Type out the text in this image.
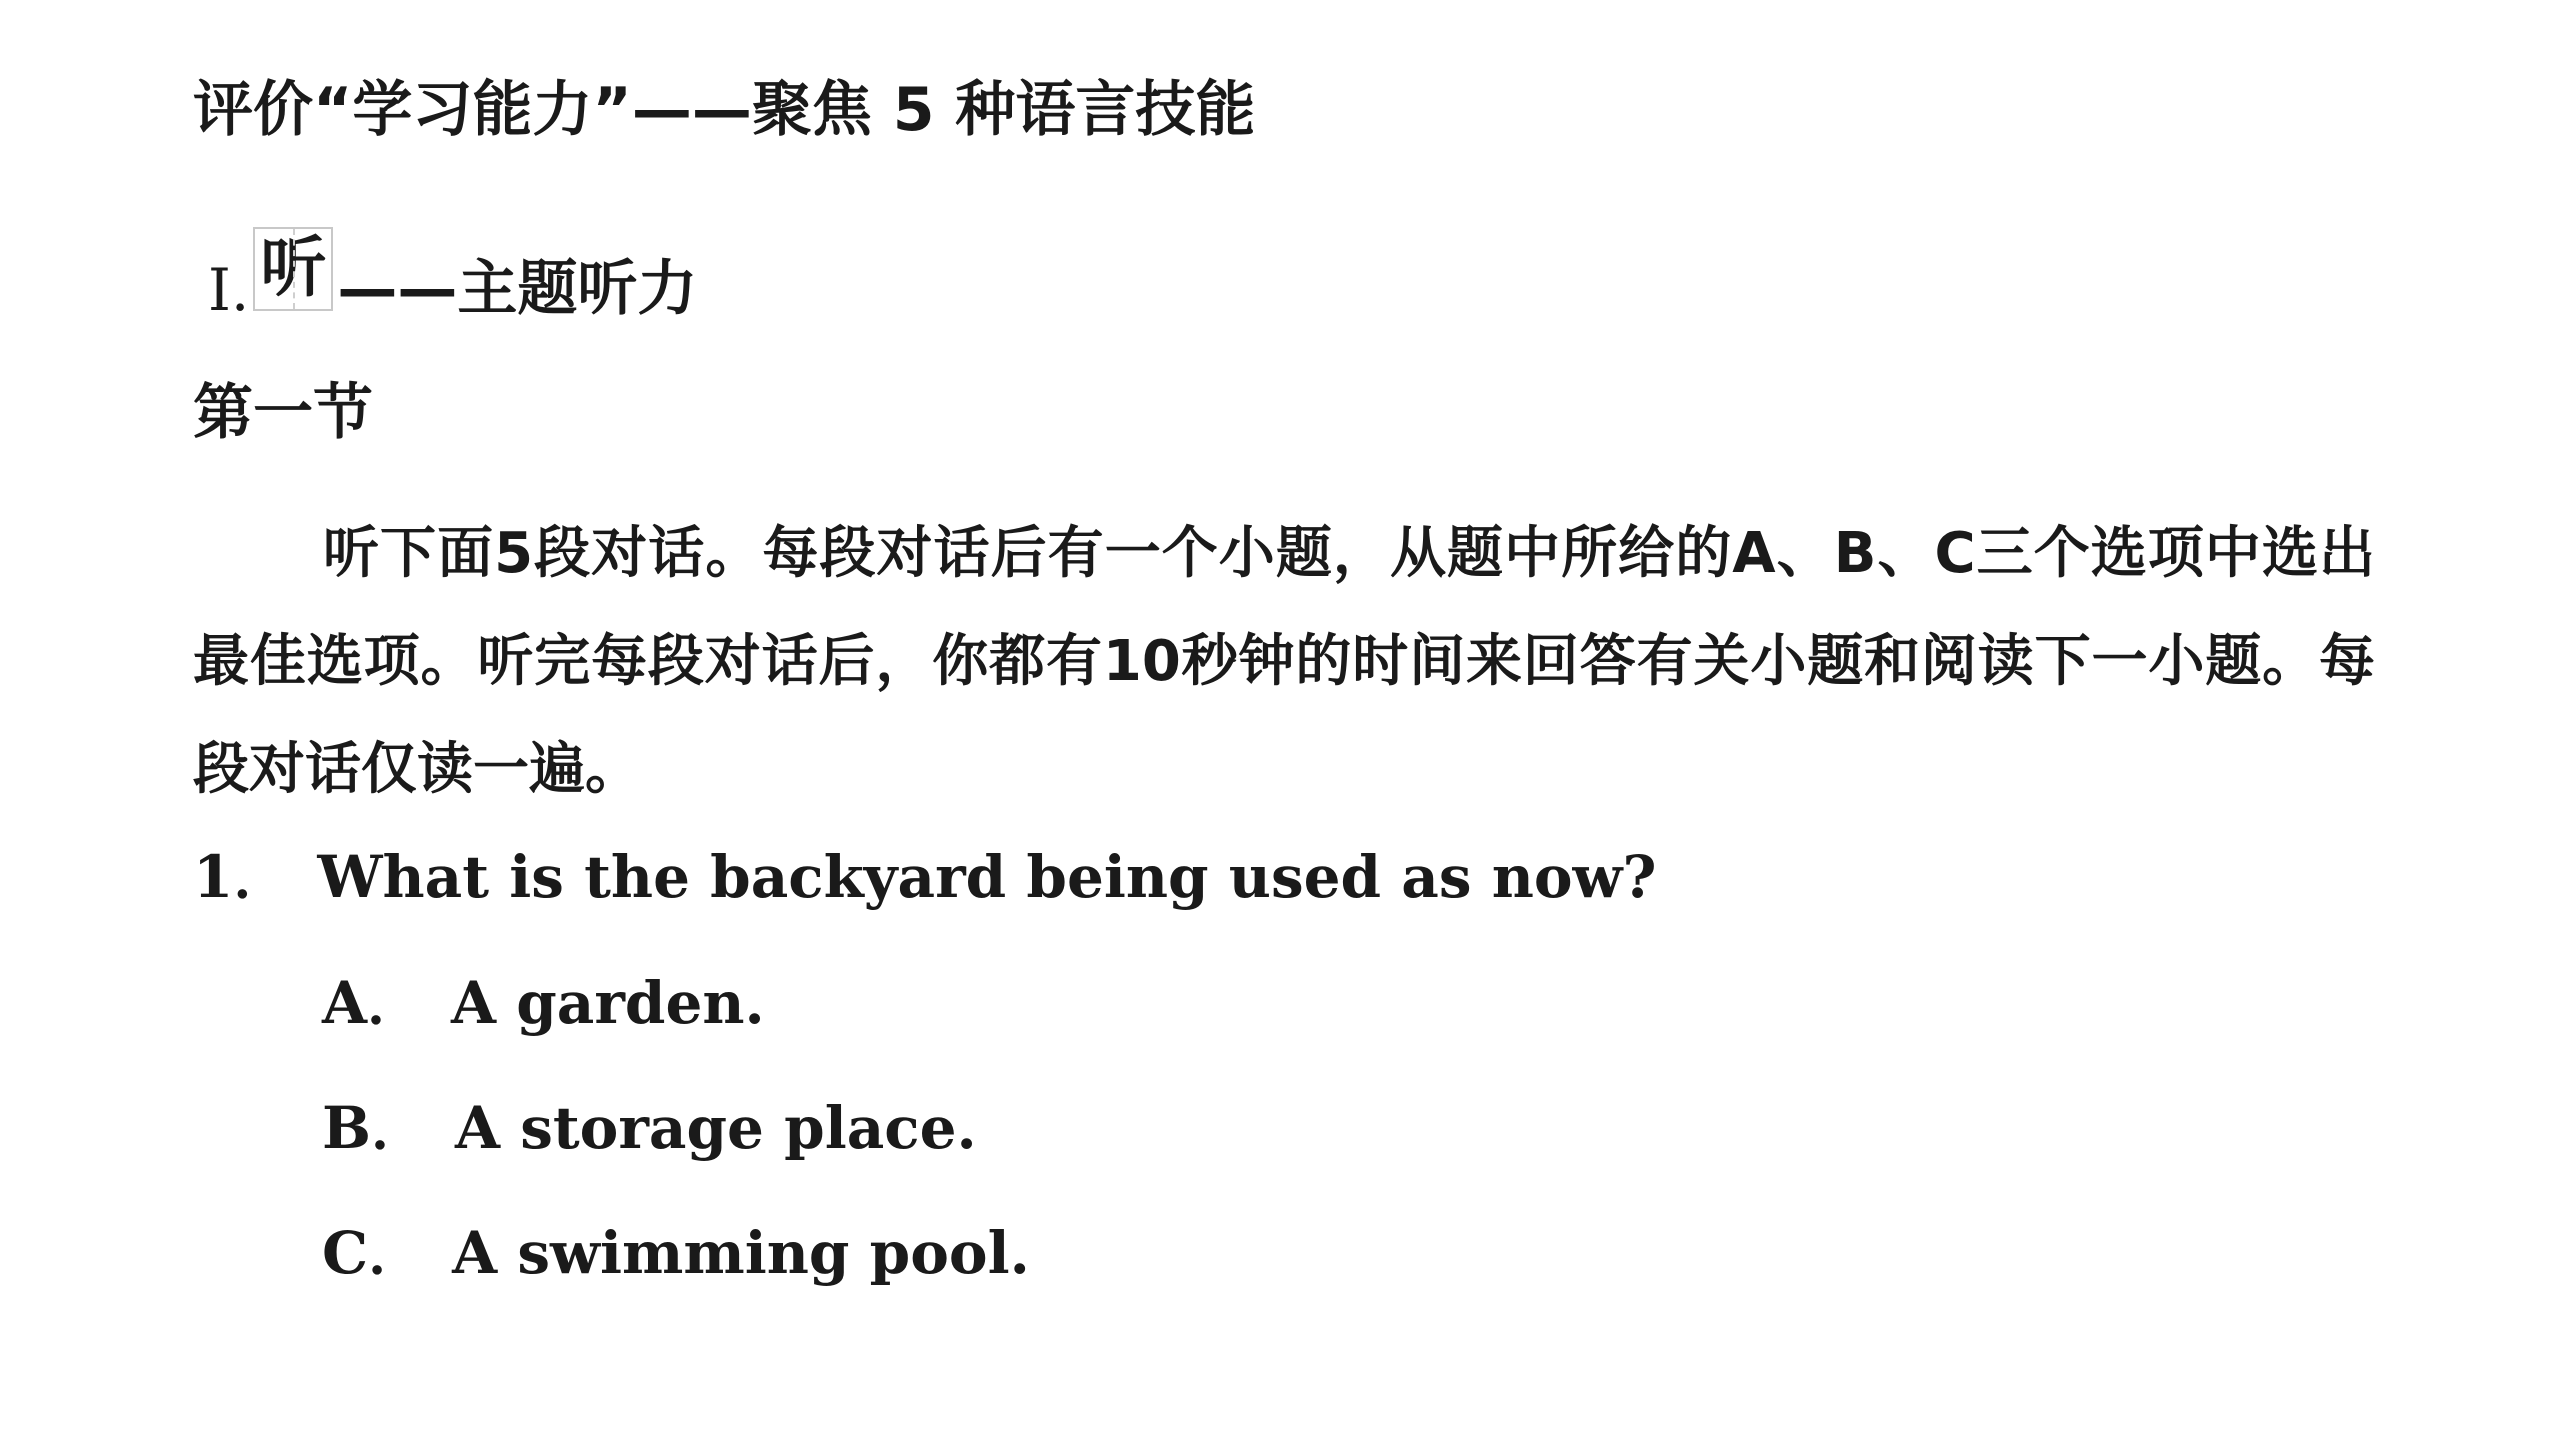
评价“学习能力”——聚焦 5 种语言技能
Ⅰ. 听 ——主题听力
第一节
听下面5段对话。每段对话后有一个小题，从题中所给的A、B、C三个选项中选出最佳选项。听完每段对话后，你都有10秒钟的时间来回答有关小题和阅读下一小题。每段对话仅读一遍。
1． What is the backyard being used as now?
A． A garden.
B． A storage place.
C． A swimming pool.
